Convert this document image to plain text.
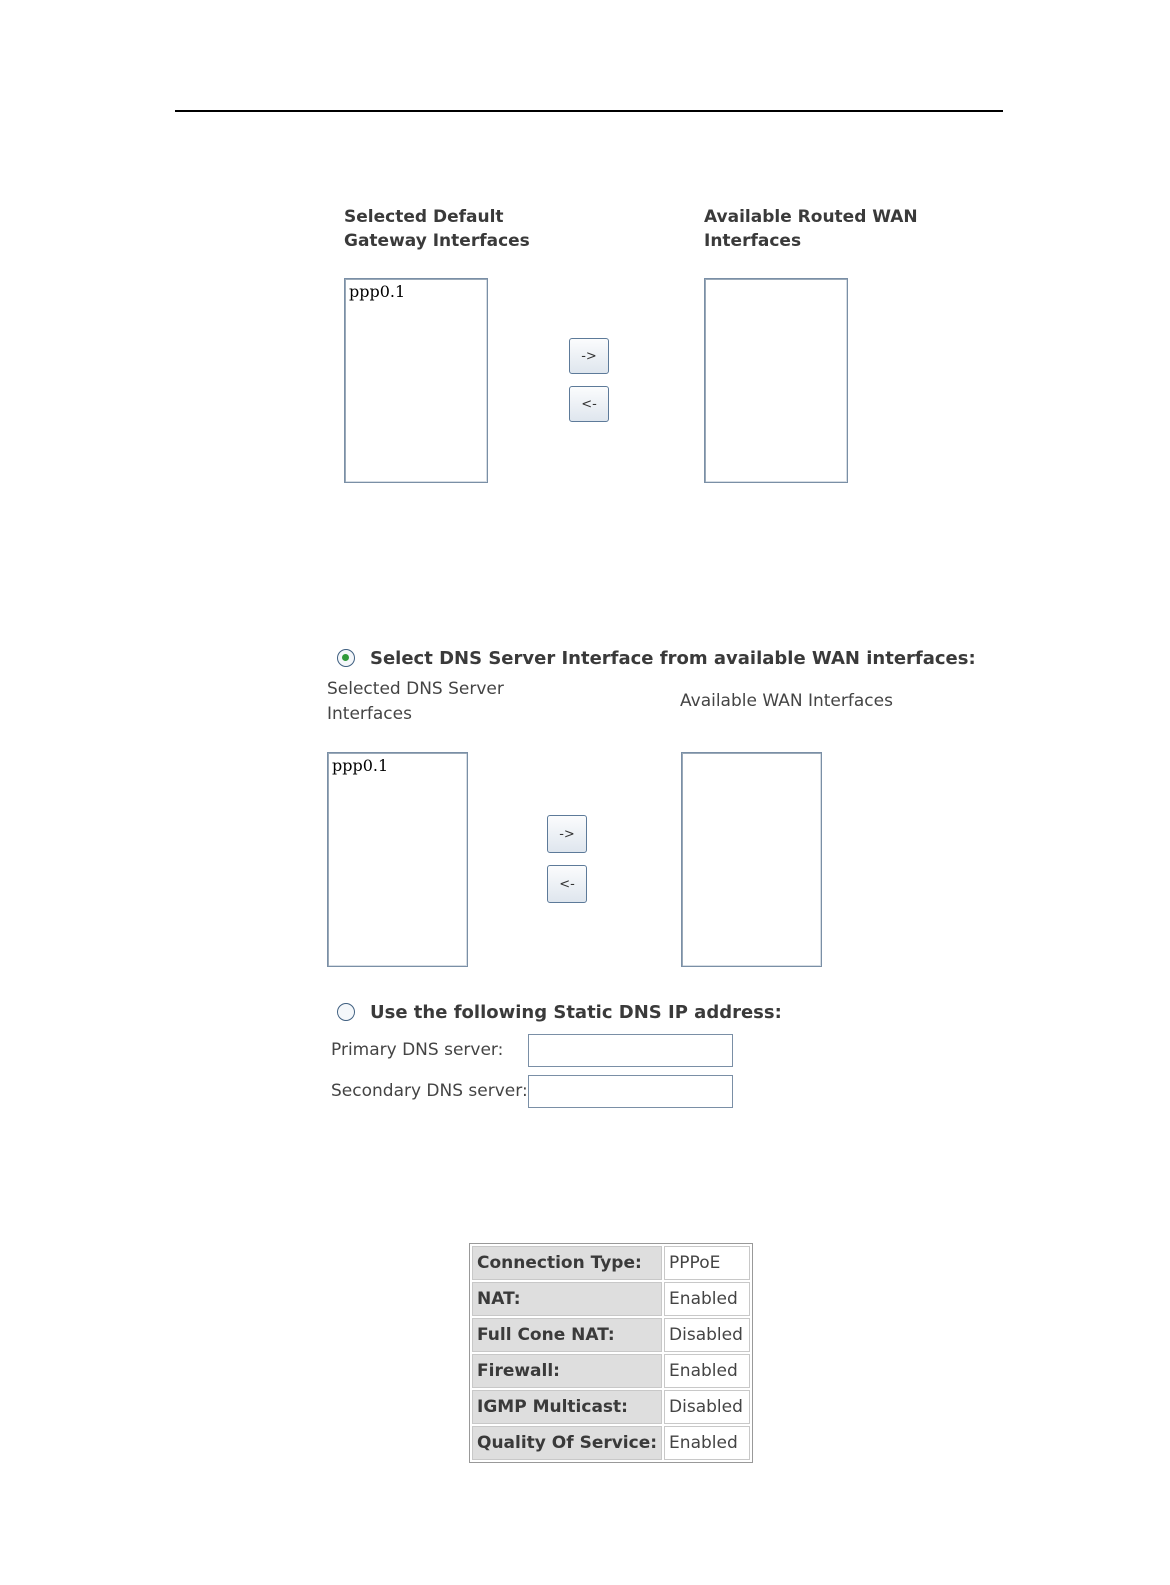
Selected Default
Gateway Interfaces
Available Routed WAN
Interfaces
ppp0.1
->
<-
Select DNS Server Interface from available WAN interfaces:
Selected DNS Server
Interfaces
Available WAN Interfaces
ppp0.1
->
<-
Use the following Static DNS IP address:
Primary DNS server:
Secondary DNS server:
Connection Type:	PPPoE
NAT:	Enabled
Full Cone NAT:	Disabled
Firewall:	Enabled
IGMP Multicast:	Disabled
Quality Of Service:	Enabled
